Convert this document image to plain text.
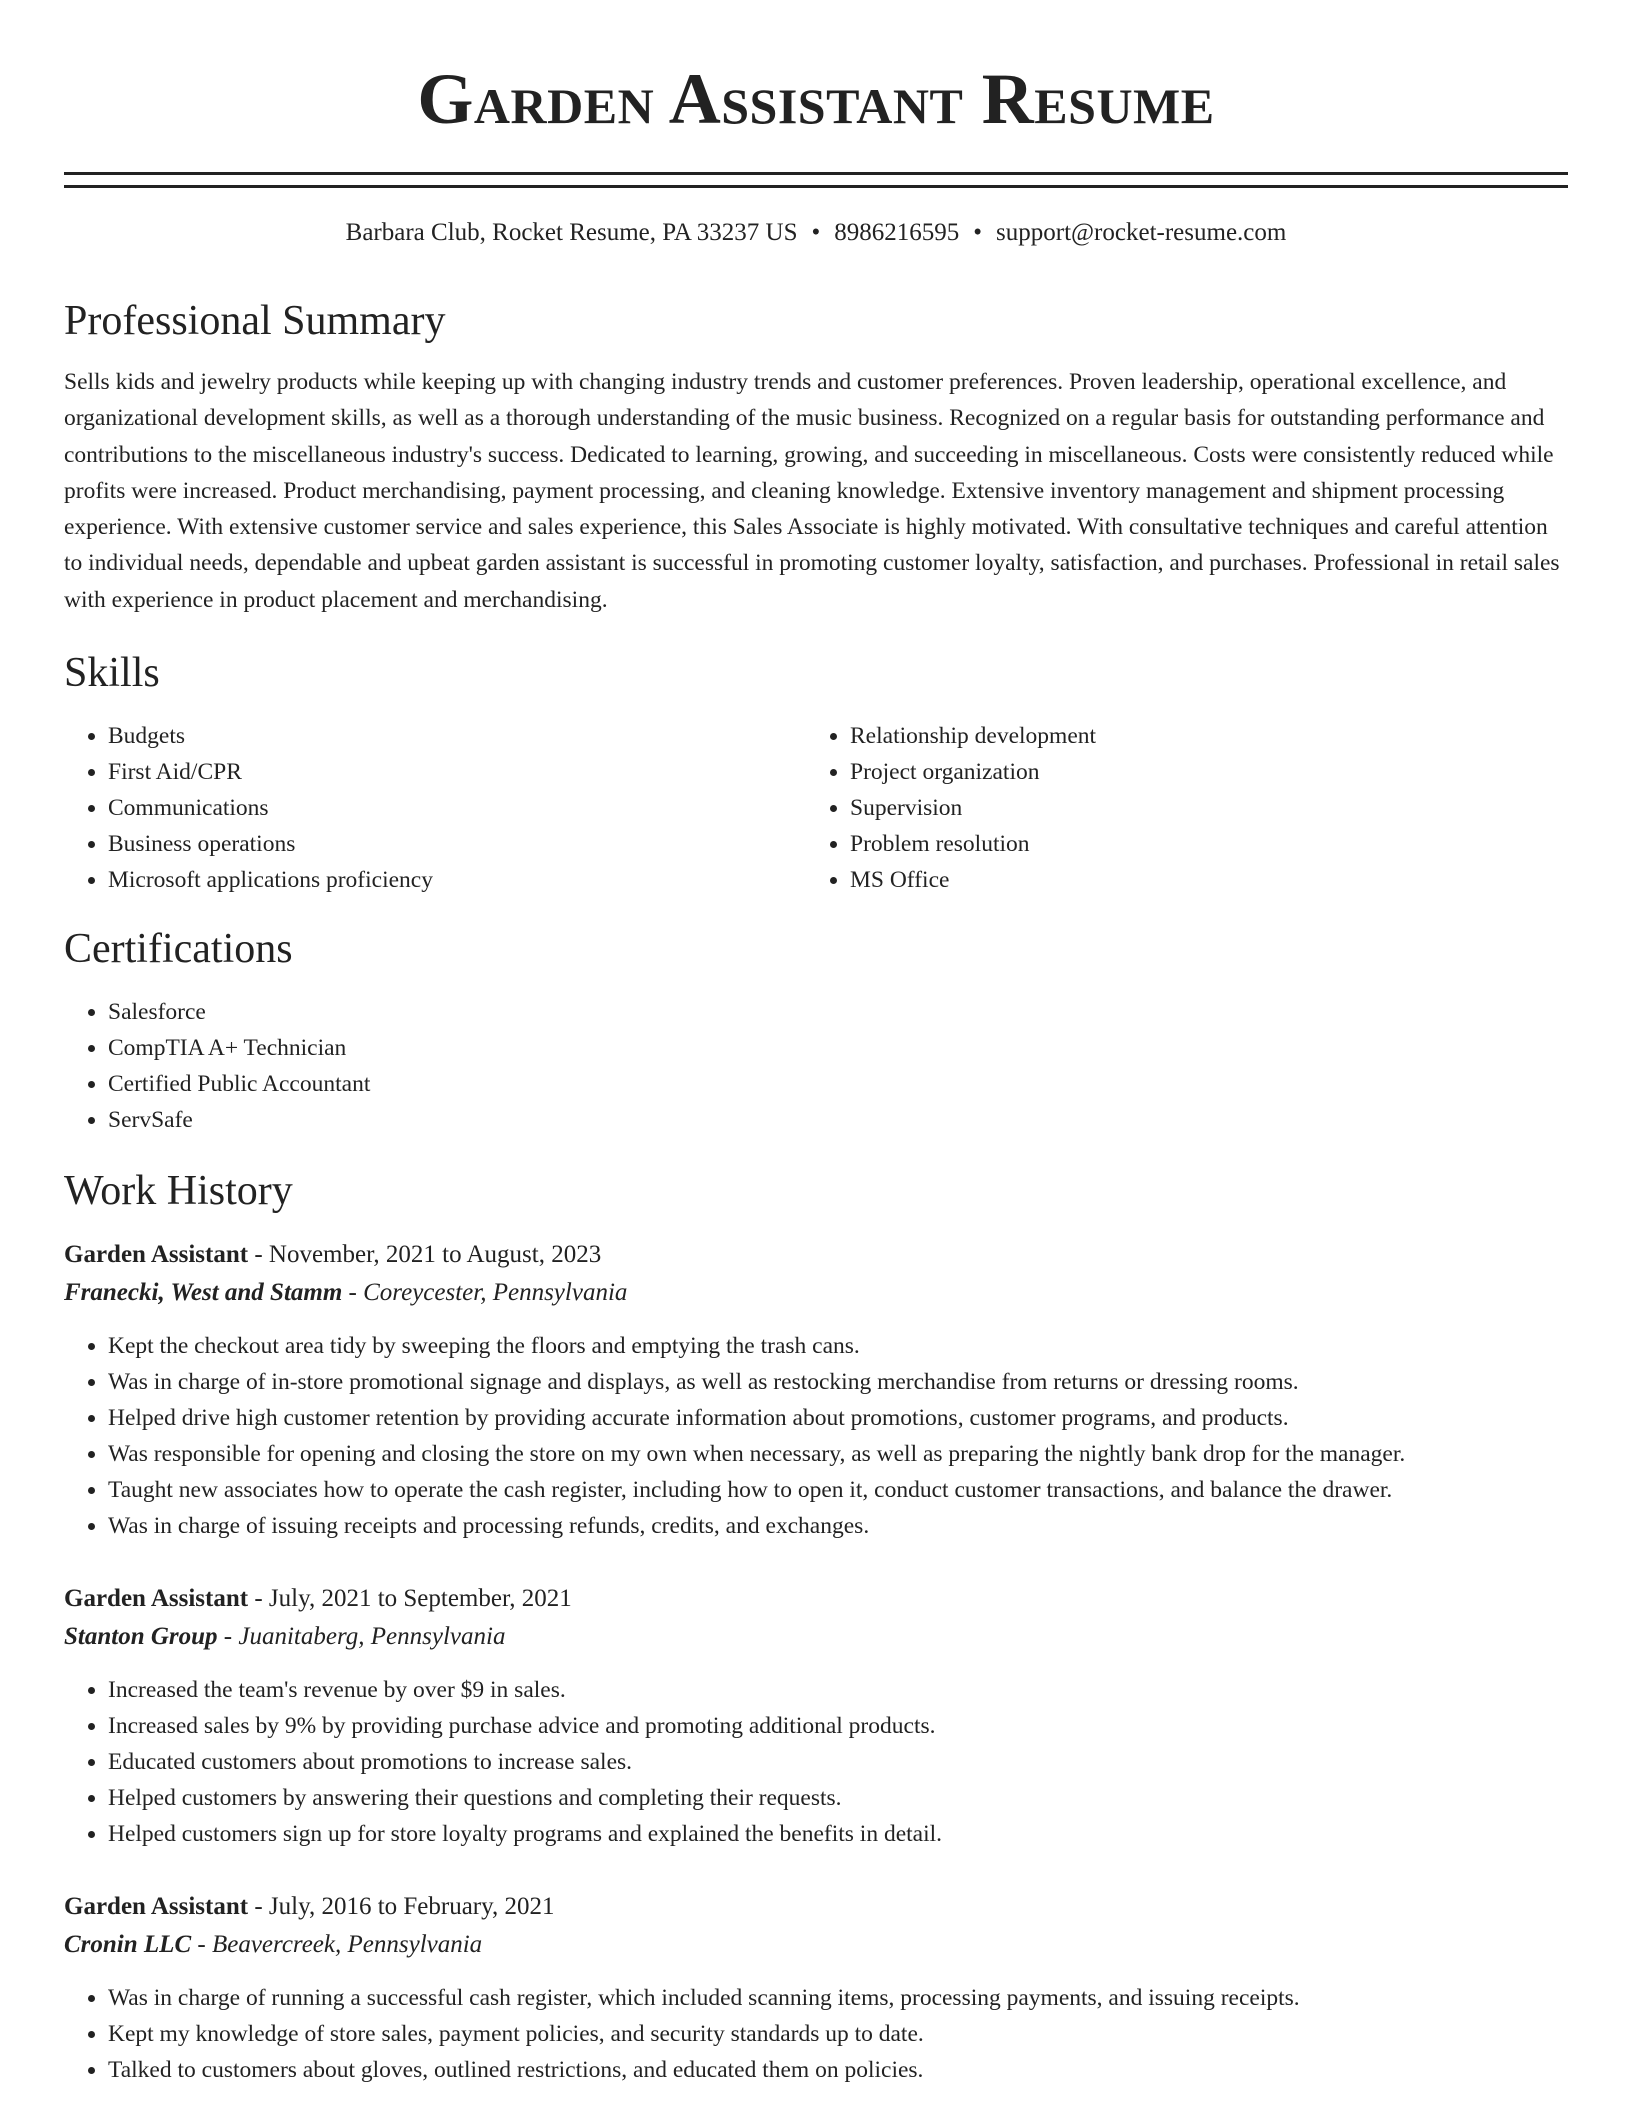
Garden Assistant Resume
Barbara Club, Rocket Resume, PA 33237 US • 8986216595 • support@rocket-resume.com
Professional Summary

Sells kids and jewelry products while keeping up with changing industry trends and customer preferences. Proven leadership, operational excellence, and organizational development skills, as well as a thorough understanding of the music business. Recognized on a regular basis for outstanding performance and contributions to the miscellaneous industry's success. Dedicated to learning, growing, and succeeding in miscellaneous. Costs were consistently reduced while profits were increased. Product merchandising, payment processing, and cleaning knowledge. Extensive inventory management and shipment processing experience. With extensive customer service and sales experience, this Sales Associate is highly motivated. With consultative techniques and careful attention to individual needs, dependable and upbeat garden assistant is successful in promoting customer loyalty, satisfaction, and purchases. Professional in retail sales with experience in product placement and merchandising.

Skills
• Budgets
• First Aid/CPR
• Communications
• Business operations
• Microsoft applications proficiency
• Relationship development
• Project organization
• Supervision
• Problem resolution
• MS Office
Certifications
• Salesforce
• CompTIA A+ Technician
• Certified Public Accountant
• ServSafe
Work History
Garden Assistant - November, 2021 to August, 2023
Franecki, West and Stamm - Coreycester, Pennsylvania
• Kept the checkout area tidy by sweeping the floors and emptying the trash cans.
• Was in charge of in-store promotional signage and displays, as well as restocking merchandise from returns or dressing rooms.
• Helped drive high customer retention by providing accurate information about promotions, customer programs, and products.
• Was responsible for opening and closing the store on my own when necessary, as well as preparing the nightly bank drop for the manager.
• Taught new associates how to operate the cash register, including how to open it, conduct customer transactions, and balance the drawer.
• Was in charge of issuing receipts and processing refunds, credits, and exchanges.
Garden Assistant - July, 2021 to September, 2021
Stanton Group - Juanitaberg, Pennsylvania
• Increased the team's revenue by over $9 in sales.
• Increased sales by 9% by providing purchase advice and promoting additional products.
• Educated customers about promotions to increase sales.
• Helped customers by answering their questions and completing their requests.
• Helped customers sign up for store loyalty programs and explained the benefits in detail.
Garden Assistant - July, 2016 to February, 2021
Cronin LLC - Beavercreek, Pennsylvania
• Was in charge of running a successful cash register, which included scanning items, processing payments, and issuing receipts.
• Kept my knowledge of store sales, payment policies, and security standards up to date.
• Talked to customers about gloves, outlined restrictions, and educated them on policies.
